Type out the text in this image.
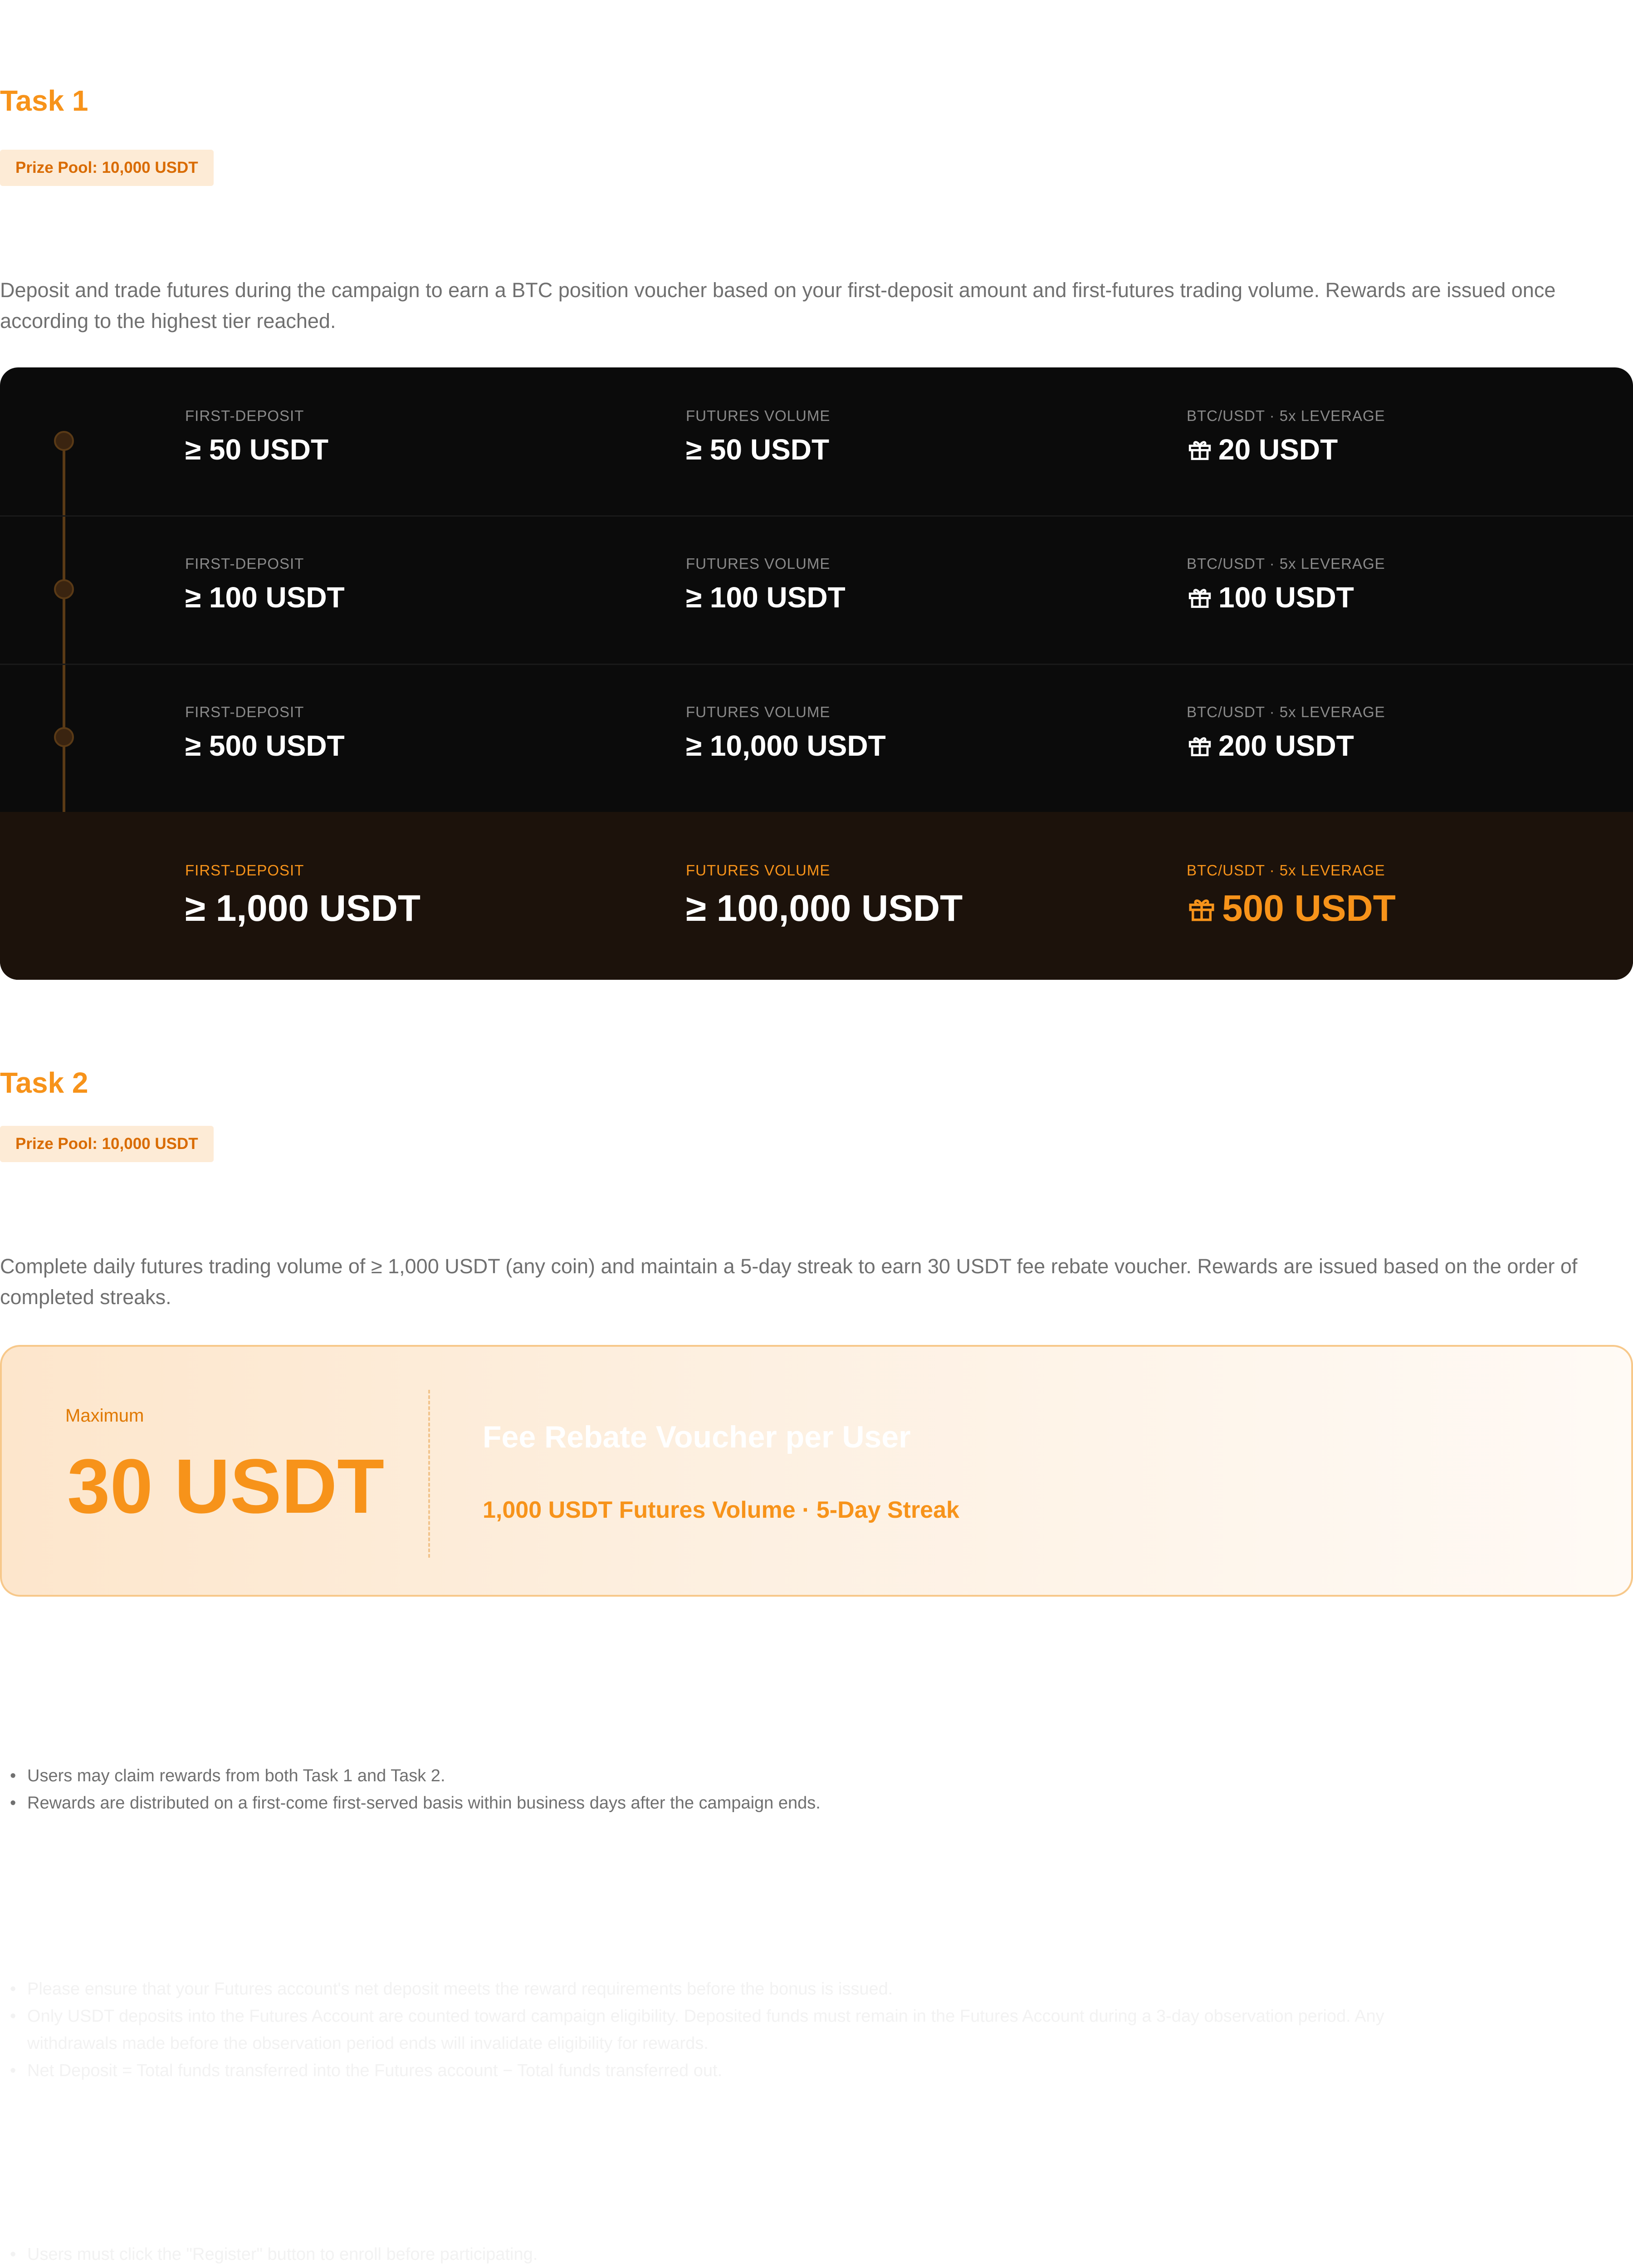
Task 1
Prize Pool: 10,000 USDT
Deposit and trade futures during the campaign to earn a BTC position voucher based on your first-deposit amount and first-futures trading volume. Rewards are issued once according to the highest tier reached.
FIRST-DEPOSIT
≥ 50 USDT
FUTURES VOLUME
≥ 50 USDT
BTC/USDT · 5x LEVERAGE
20 USDT
FIRST-DEPOSIT
≥ 100 USDT
FUTURES VOLUME
≥ 100 USDT
BTC/USDT · 5x LEVERAGE
100 USDT
FIRST-DEPOSIT
≥ 500 USDT
FUTURES VOLUME
≥ 10,000 USDT
BTC/USDT · 5x LEVERAGE
200 USDT
FIRST-DEPOSIT
≥ 1,000 USDT
FUTURES VOLUME
≥ 100,000 USDT
BTC/USDT · 5x LEVERAGE
500 USDT
Task 2
Prize Pool: 10,000 USDT
Complete daily futures trading volume of ≥ 1,000 USDT (any coin) and maintain a 5-day streak to earn 30 USDT fee rebate voucher. Rewards are issued based on the order of completed streaks.
Maximum
30 USDT
Fee Rebate Voucher per User
1,000 USDT Futures Volume · 5-Day Streak
• Users may claim rewards from both Task 1 and Task 2.
• Rewards are distributed on a first-come first-served basis within business days after the campaign ends.
• Please ensure that your Futures account's net deposit meets the reward requirements before the bonus is issued.
• Only USDT deposits into the Futures Account are counted toward campaign eligibility. Deposited funds must remain in the Futures Account during a 3-day observation period. Any
withdrawals made before the observation period ends will invalidate eligibility for rewards.
• Net Deposit = Total funds transferred into the Futures account − Total funds transferred out.
• Users must click the "Register" button to enroll before participating.
